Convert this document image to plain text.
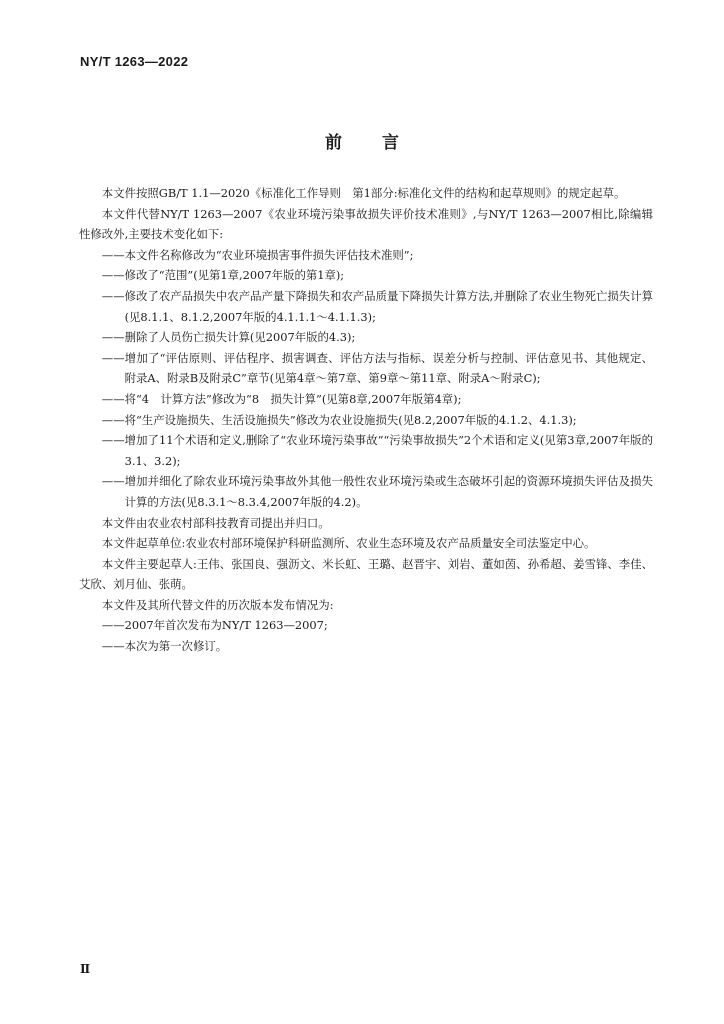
NY/T 1263—2022
前 言

本文件按照GB/T 1.1—2020《标准化工作导则　第1部分:标准化文件的结构和起草规则》的规定起草。

本文件代替NY/T 1263—2007《农业环境污染事故损失评价技术准则》,与NY/T 1263—2007相比,除编辑性修改外,主要技术变化如下:

——本文件名称修改为“农业环境损害事件损失评估技术准则”;

——修改了“范围”(见第1章,2007年版的第1章);

——修改了农产品损失中农产品产量下降损失和农产品质量下降损失计算方法,并删除了农业生物死亡损失计算(见8.1.1、8.1.2,2007年版的4.1.1.1～4.1.1.3);

——删除了人员伤亡损失计算(见2007年版的4.3);

——增加了“评估原则、评估程序、损害调查、评估方法与指标、误差分析与控制、评估意见书、其他规定、附录A、附录B及附录C”章节(见第4章～第7章、第9章～第11章、附录A～附录C);

——将“4　计算方法”修改为“8　损失计算”(见第8章,2007年版第4章);

——将“生产设施损失、生活设施损失”修改为农业设施损失(见8.2,2007年版的4.1.2、4.1.3);

——增加了11个术语和定义,删除了“农业环境污染事故”“污染事故损失”2个术语和定义(见第3章,2007年版的3.1、3.2);

——增加并细化了除农业环境污染事故外其他一般性农业环境污染或生态破坏引起的资源环境损失评估及损失计算的方法(见8.3.1～8.3.4,2007年版的4.2)。

本文件由农业农村部科技教育司提出并归口。

本文件起草单位:农业农村部环境保护科研监测所、农业生态环境及农产品质量安全司法鉴定中心。

本文件主要起草人:王伟、张国良、强沥文、米长虹、王璐、赵晋宇、刘岩、董如茵、孙希超、姜雪锋、李佳、艾欣、刘月仙、张萌。

本文件及其所代替文件的历次版本发布情况为:

——2007年首次发布为NY/T 1263—2007;

——本次为第一次修订。

Ⅱ
